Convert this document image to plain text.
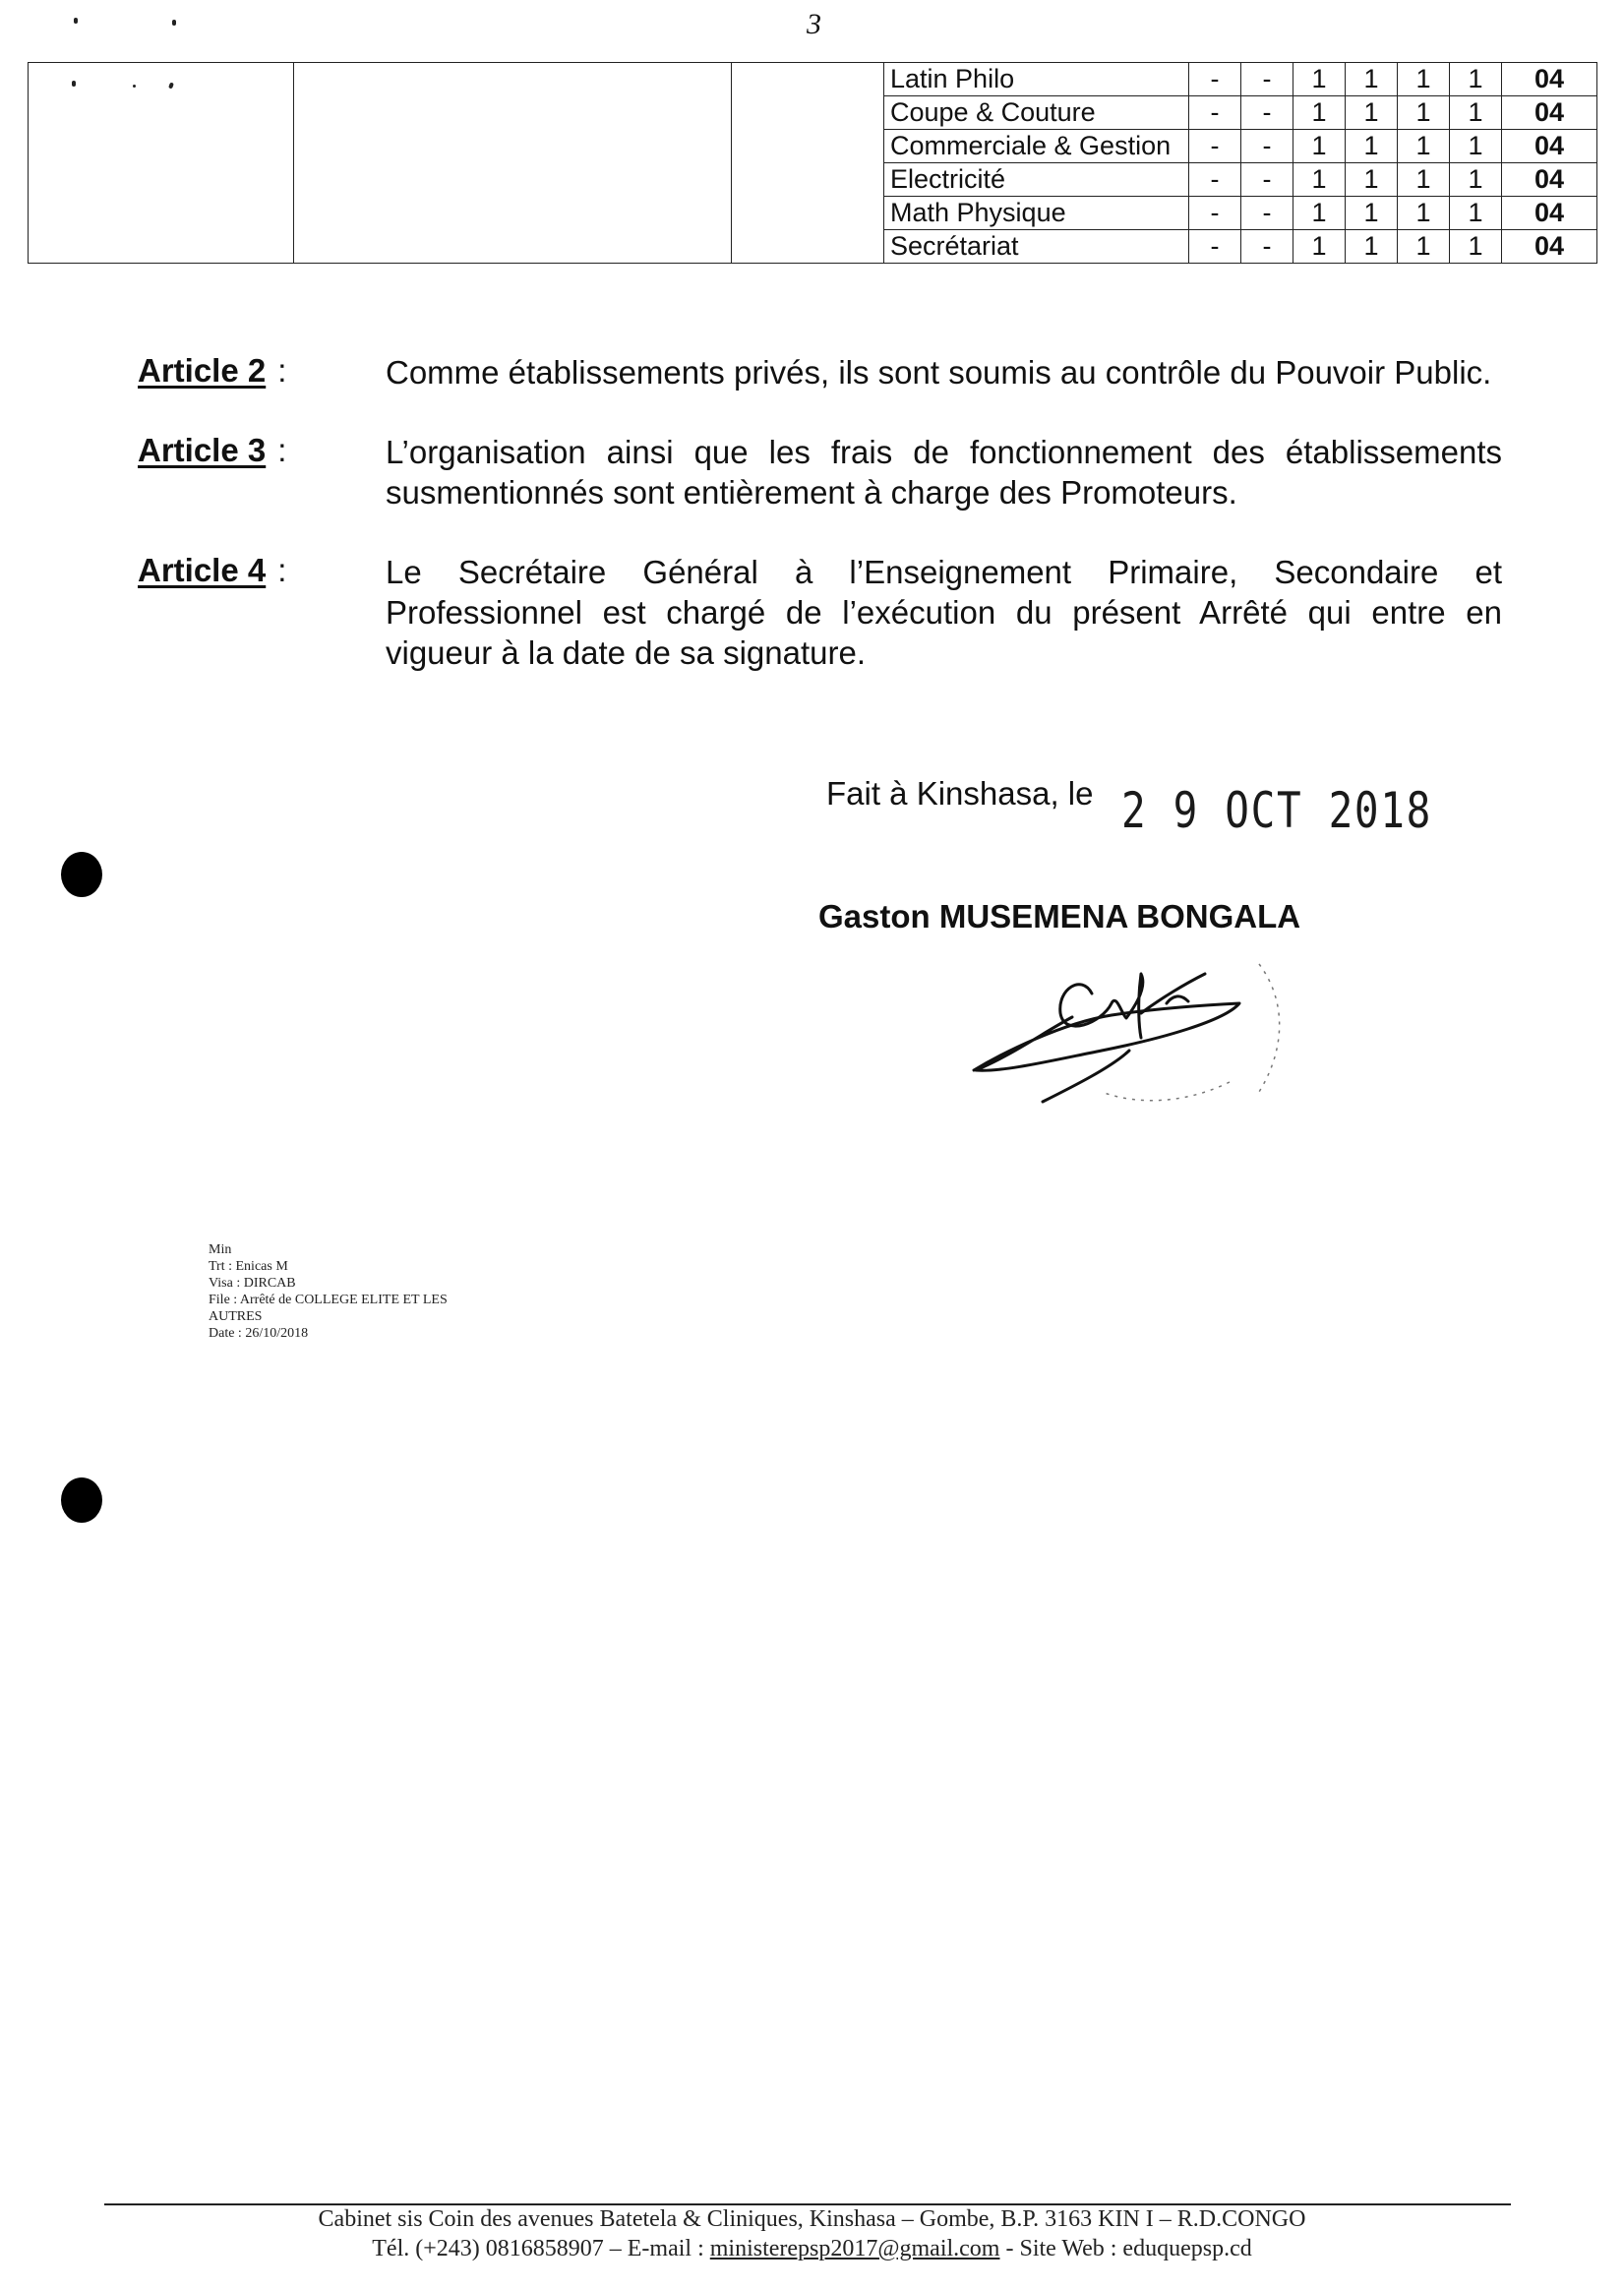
3
			Latin Philo	-	-	1	1	1	1	04
			Coupe & Couture	-	-	1	1	1	1	04
			Commerciale & Gestion	-	-	1	1	1	1	04
			Electricité	-	-	1	1	1	1	04
			Math Physique	-	-	1	1	1	1	04
			Secrétariat	-	-	1	1	1	1	04
Article 2 :	Comme établissements privés, ils sont soumis au contrôle du Pouvoir Public.
Article 3 :	L’organisation ainsi que les frais de fonctionnement des établissements susmentionnés sont entièrement à charge des Promoteurs.
Article 4 :	Le Secrétaire Général à l’Enseignement Primaire, Secondaire et Professionnel est chargé de l’exécution du présent Arrêté qui entre en vigueur à la date de sa signature.
Fait à Kinshasa, le 2 9 OCT 2018
Gaston MUSEMENA BONGALA
Min
Trt : Enicas M
Visa : DIRCAB
File : Arrêté de COLLEGE ELITE ET LES
AUTRES
Date : 26/10/2018
Cabinet sis Coin des avenues Batetela & Cliniques, Kinshasa – Gombe, B.P. 3163 KIN I – R.D.CONGO
Tél. (+243) 0816858907 – E-mail : ministerepsp2017@gmail.com - Site Web : eduquepsp.cd
